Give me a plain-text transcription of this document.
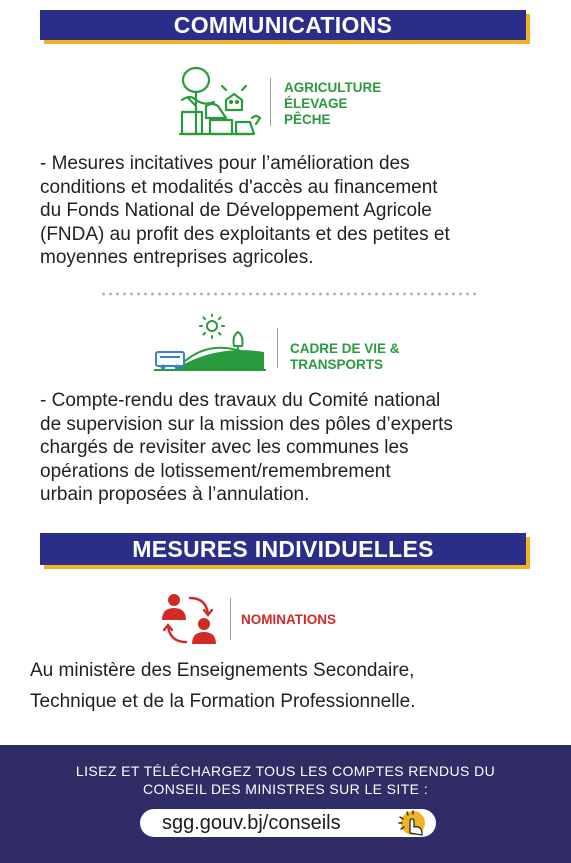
COMMUNICATIONS
AGRICULTURE
ÉLEVAGE
PÊCHE
- Mesures incitatives pour l’amélioration des
conditions et modalités d'accès au financement
du Fonds National de Développement Agricole
(FNDA) au profit des exploitants et des petites et
moyennes entreprises agricoles.
CADRE DE VIE &
TRANSPORTS
- Compte-rendu des travaux du Comité national
de supervision sur la mission des pôles d’experts
chargés de revisiter avec les communes les
opérations de lotissement/remembrement
urbain proposées à l’annulation.
MESURES INDIVIDUELLES
NOMINATIONS
Au ministère des Enseignements Secondaire,
Technique et de la Formation Professionnelle.
LISEZ ET TÉLÉCHARGEZ TOUS LES COMPTES RENDUS DU
CONSEIL DES MINISTRES SUR LE SITE :
sgg.gouv.bj/conseils
